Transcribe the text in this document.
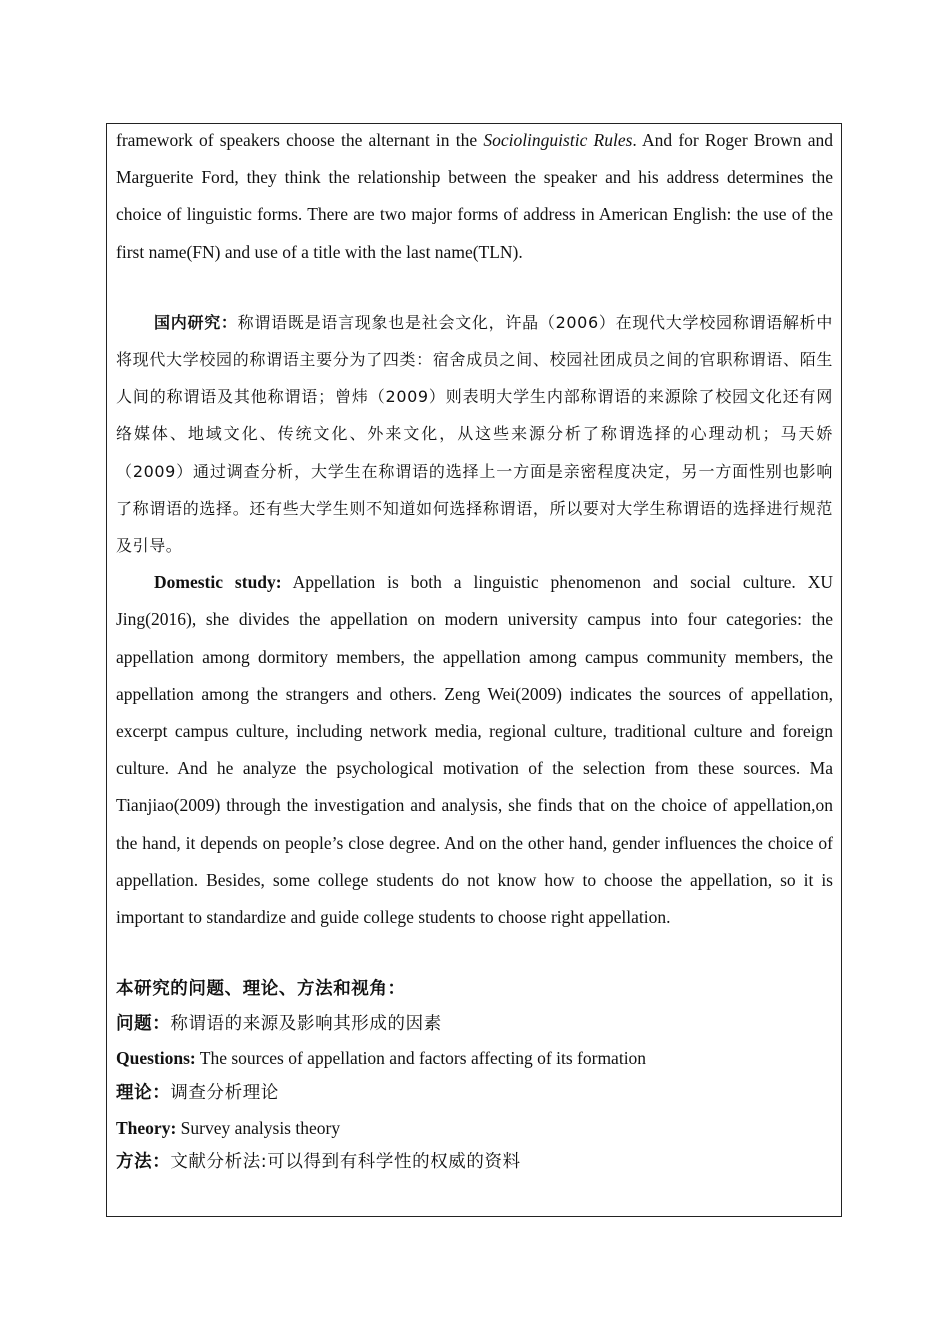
framework of speakers choose the alternant in the Sociolinguistic Rules. And for Roger Brown and Marguerite Ford, they think the relationship between the speaker and his address determines the choice of linguistic forms. There are two major forms of address in American English: the use of the first name(FN) and use of a title with the last name(TLN).

国内研究：称谓语既是语言现象也是社会文化，许晶（2006）在现代大学校园称谓语解析中将现代大学校园的称谓语主要分为了四类：宿舍成员之间、校园社团成员之间的官职称谓语、陌生人间的称谓语及其他称谓语；曾炜（2009）则表明大学生内部称谓语的来源除了校园文化还有网络媒体、地域文化、传统文化、外来文化，从这些来源分析了称谓选择的心理动机；马天娇（2009）通过调查分析，大学生在称谓语的选择上一方面是亲密程度决定，另一方面性别也影响了称谓语的选择。还有些大学生则不知道如何选择称谓语，所以要对大学生称谓语的选择进行规范及引导。

Domestic study: Appellation is both a linguistic phenomenon and social culture. XU Jing(2016), she divides the appellation on modern university campus into four categories: the appellation among dormitory members, the appellation among campus community members, the appellation among the strangers and others. Zeng Wei(2009) indicates the sources of appellation, excerpt campus culture, including network media, regional culture, traditional culture and foreign culture. And he analyze the psychological motivation of the selection from these sources. Ma Tianjiao(2009) through the investigation and analysis, she finds that on the choice of appellation,on the hand, it depends on people’s close degree. And on the other hand, gender influences the choice of appellation. Besides, some college students do not know how to choose the appellation, so it is important to standardize and guide college students to choose right appellation.

本研究的问题、理论、方法和视角：

问题：称谓语的来源及影响其形成的因素

Questions: The sources of appellation and factors affecting of its formation

理论：调查分析理论

Theory: Survey analysis theory

方法：文献分析法:可以得到有科学性的权威的资料
